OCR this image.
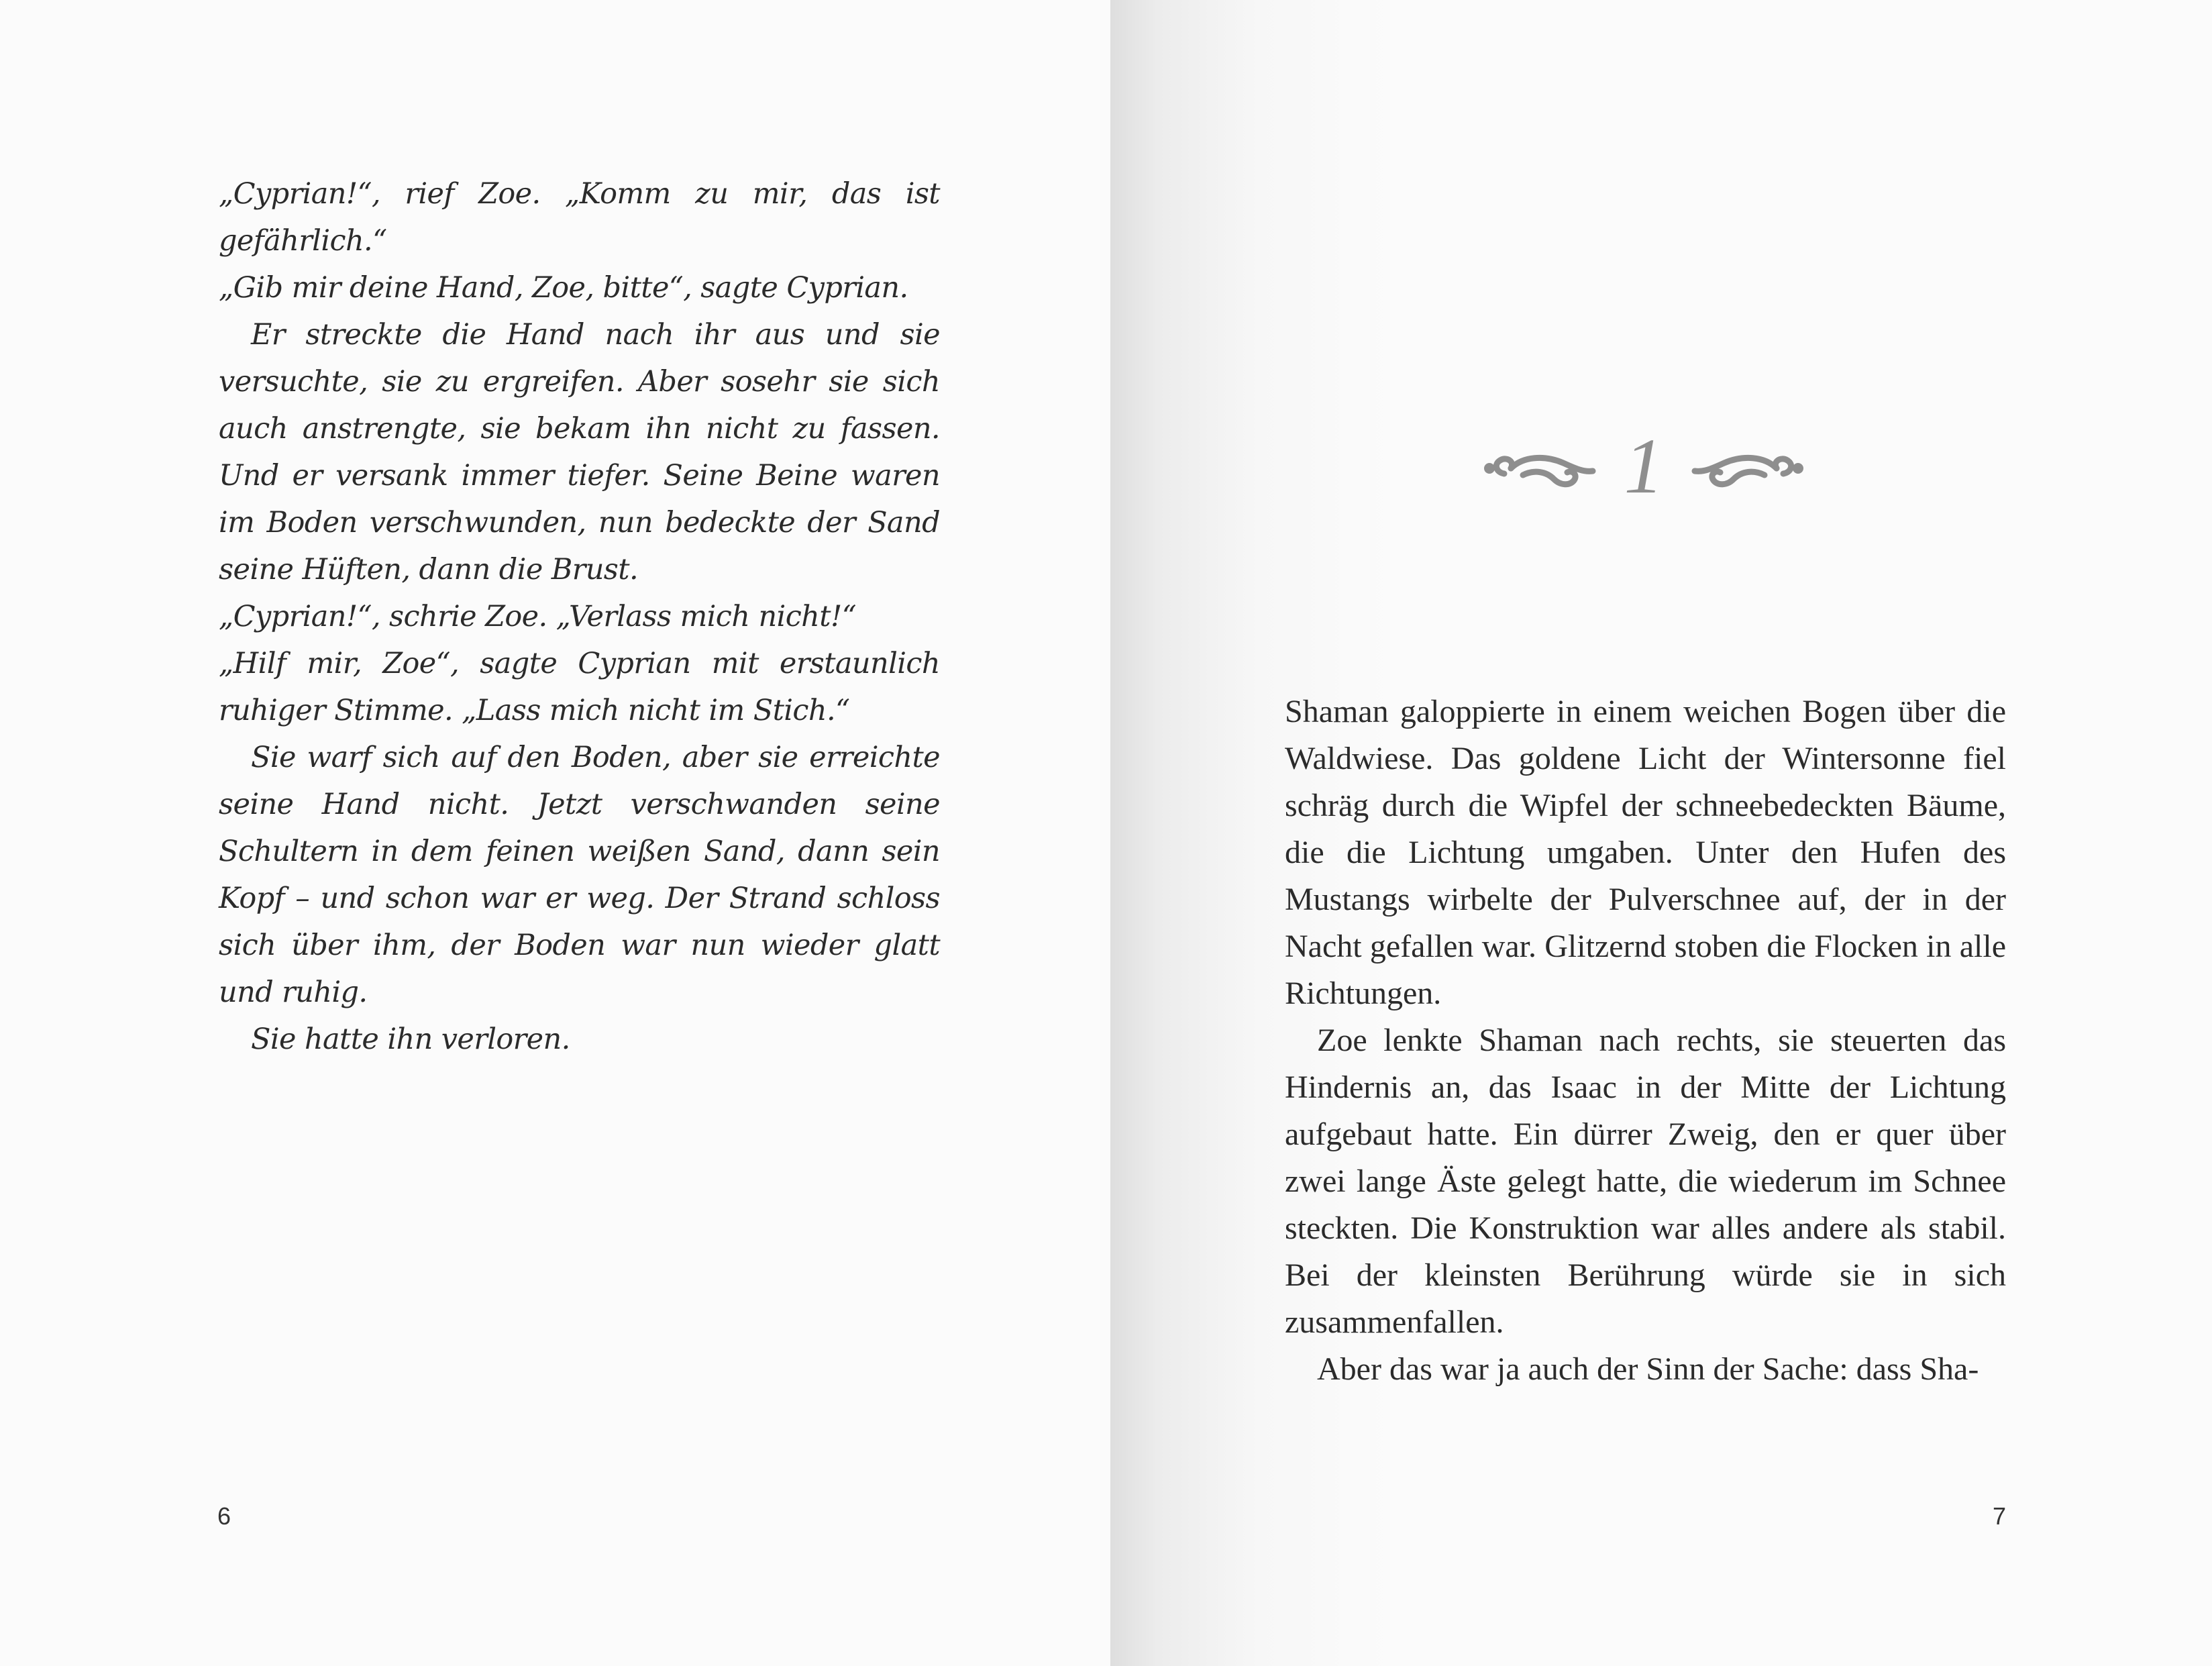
„Cyprian!“, rief Zoe. „Komm zu mir, das ist gefährlich.“

„Gib mir deine Hand, Zoe, bitte“, sagte Cyprian.

Er streckte die Hand nach ihr aus und sie versuchte, sie zu ergreifen. Aber sosehr sie sich auch anstrengte, sie bekam ihn nicht zu fassen. Und er versank immer tiefer. Seine Beine waren im Boden verschwunden, nun bedeckte der Sand seine Hüften, dann die Brust.

„Cyprian!“, schrie Zoe. „Verlass mich nicht!“

„Hilf mir, Zoe“, sagte Cyprian mit erstaunlich ruhiger Stimme. „Lass mich nicht im Stich.“

Sie warf sich auf den Boden, aber sie erreichte seine Hand nicht. Jetzt verschwanden seine Schultern in dem feinen weißen Sand, dann sein Kopf – und schon war er weg. Der Strand schloss sich über ihm, der Boden war nun wieder glatt und ruhig.

Sie hatte ihn verloren.

6
1

Shaman galoppierte in einem weichen Bogen über die Waldwiese. Das goldene Licht der Wintersonne fiel schräg durch die Wipfel der schneebedeckten Bäume, die die Lichtung umgaben. Unter den Hufen des Mustangs wirbelte der Pulverschnee auf, der in der Nacht gefallen war. Glitzernd stoben die Flocken in alle Richtungen.

Zoe lenkte Shaman nach rechts, sie steuerten das Hindernis an, das Isaac in der Mitte der Lichtung aufgebaut hatte. Ein dürrer Zweig, den er quer über zwei lange Äste gelegt hatte, die wiederum im Schnee steckten. Die Konstruktion war alles andere als stabil. Bei der kleinsten Berührung würde sie in sich zusammenfallen.

Aber das war ja auch der Sinn der Sache: dass Sha-

7
